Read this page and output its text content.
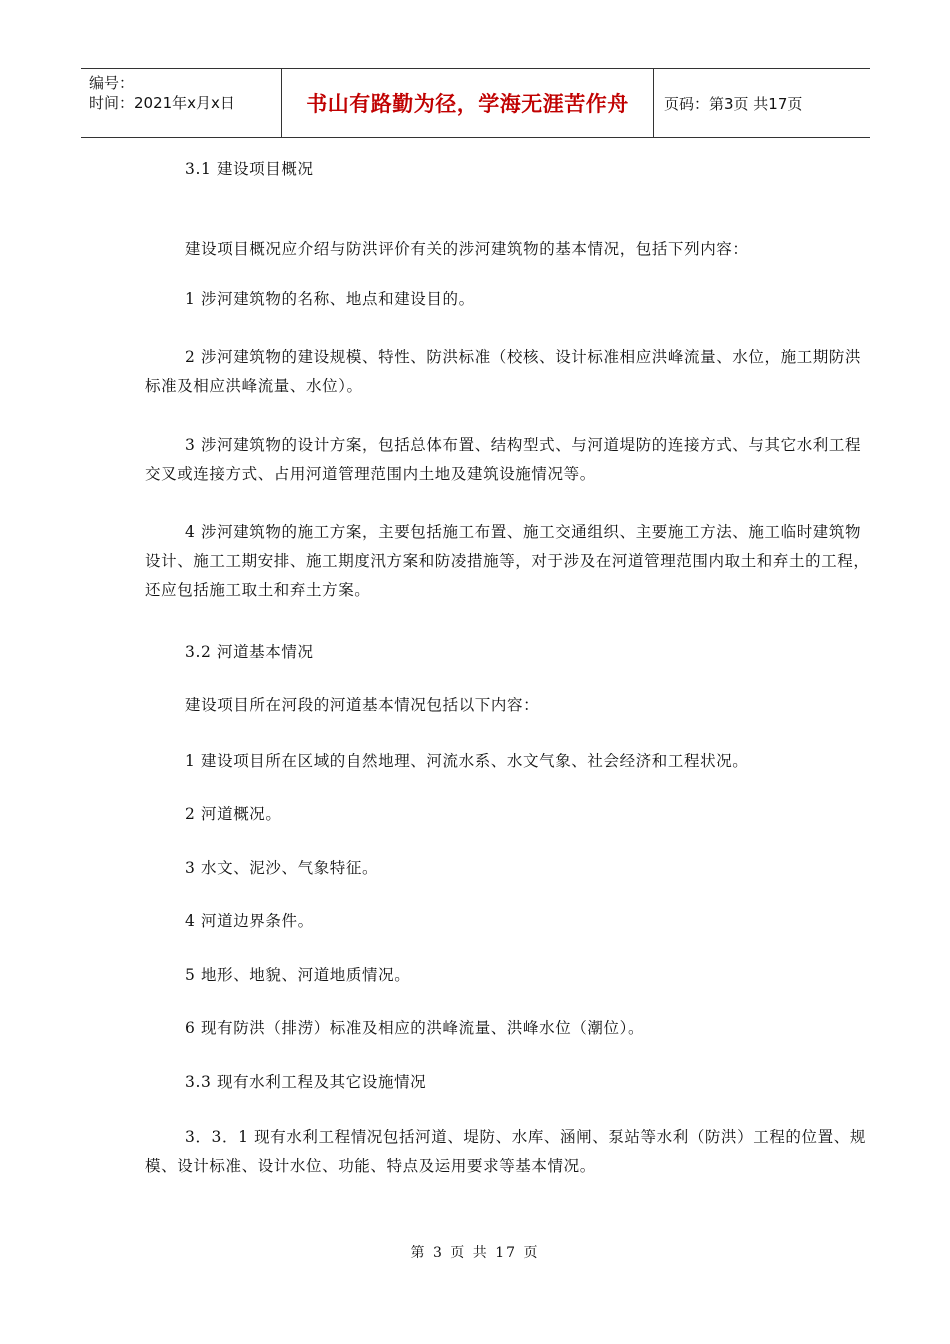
编号：
时间：2021年x月x日	书山有路勤为径，学海无涯苦作舟 页码：第3页 共17页
3.1 建设项目概况
建设项目概况应介绍与防洪评价有关的涉河建筑物的基本情况，包括下列内容：
1 涉河建筑物的名称、地点和建设目的。
2 涉河建筑物的建设规模、特性、防洪标准（校核、设计标准相应洪峰流量、水位，施工期防洪标准及相应洪峰流量、水位）。
3 涉河建筑物的设计方案，包括总体布置、结构型式、与河道堤防的连接方式、与其它水利工程交叉或连接方式、占用河道管理范围内土地及建筑设施情况等。
4 涉河建筑物的施工方案，主要包括施工布置、施工交通组织、主要施工方法、施工临时建筑物设计、施工工期安排、施工期度汛方案和防凌措施等，对于涉及在河道管理范围内取土和弃土的工程，还应包括施工取土和弃土方案。
3.2 河道基本情况
建设项目所在河段的河道基本情况包括以下内容：
1 建设项目所在区域的自然地理、河流水系、水文气象、社会经济和工程状况。
2 河道概况。
3 水文、泥沙、气象特征。
4 河道边界条件。
5 地形、地貌、河道地质情况。
6 现有防洪（排涝）标准及相应的洪峰流量、洪峰水位（潮位）。
3.3 现有水利工程及其它设施情况
3．3．1 现有水利工程情况包括河道、堤防、水库、涵闸、泵站等水利（防洪）工程的位置、规模、设计标准、设计水位、功能、特点及运用要求等基本情况。
第 3 页 共 17 页
